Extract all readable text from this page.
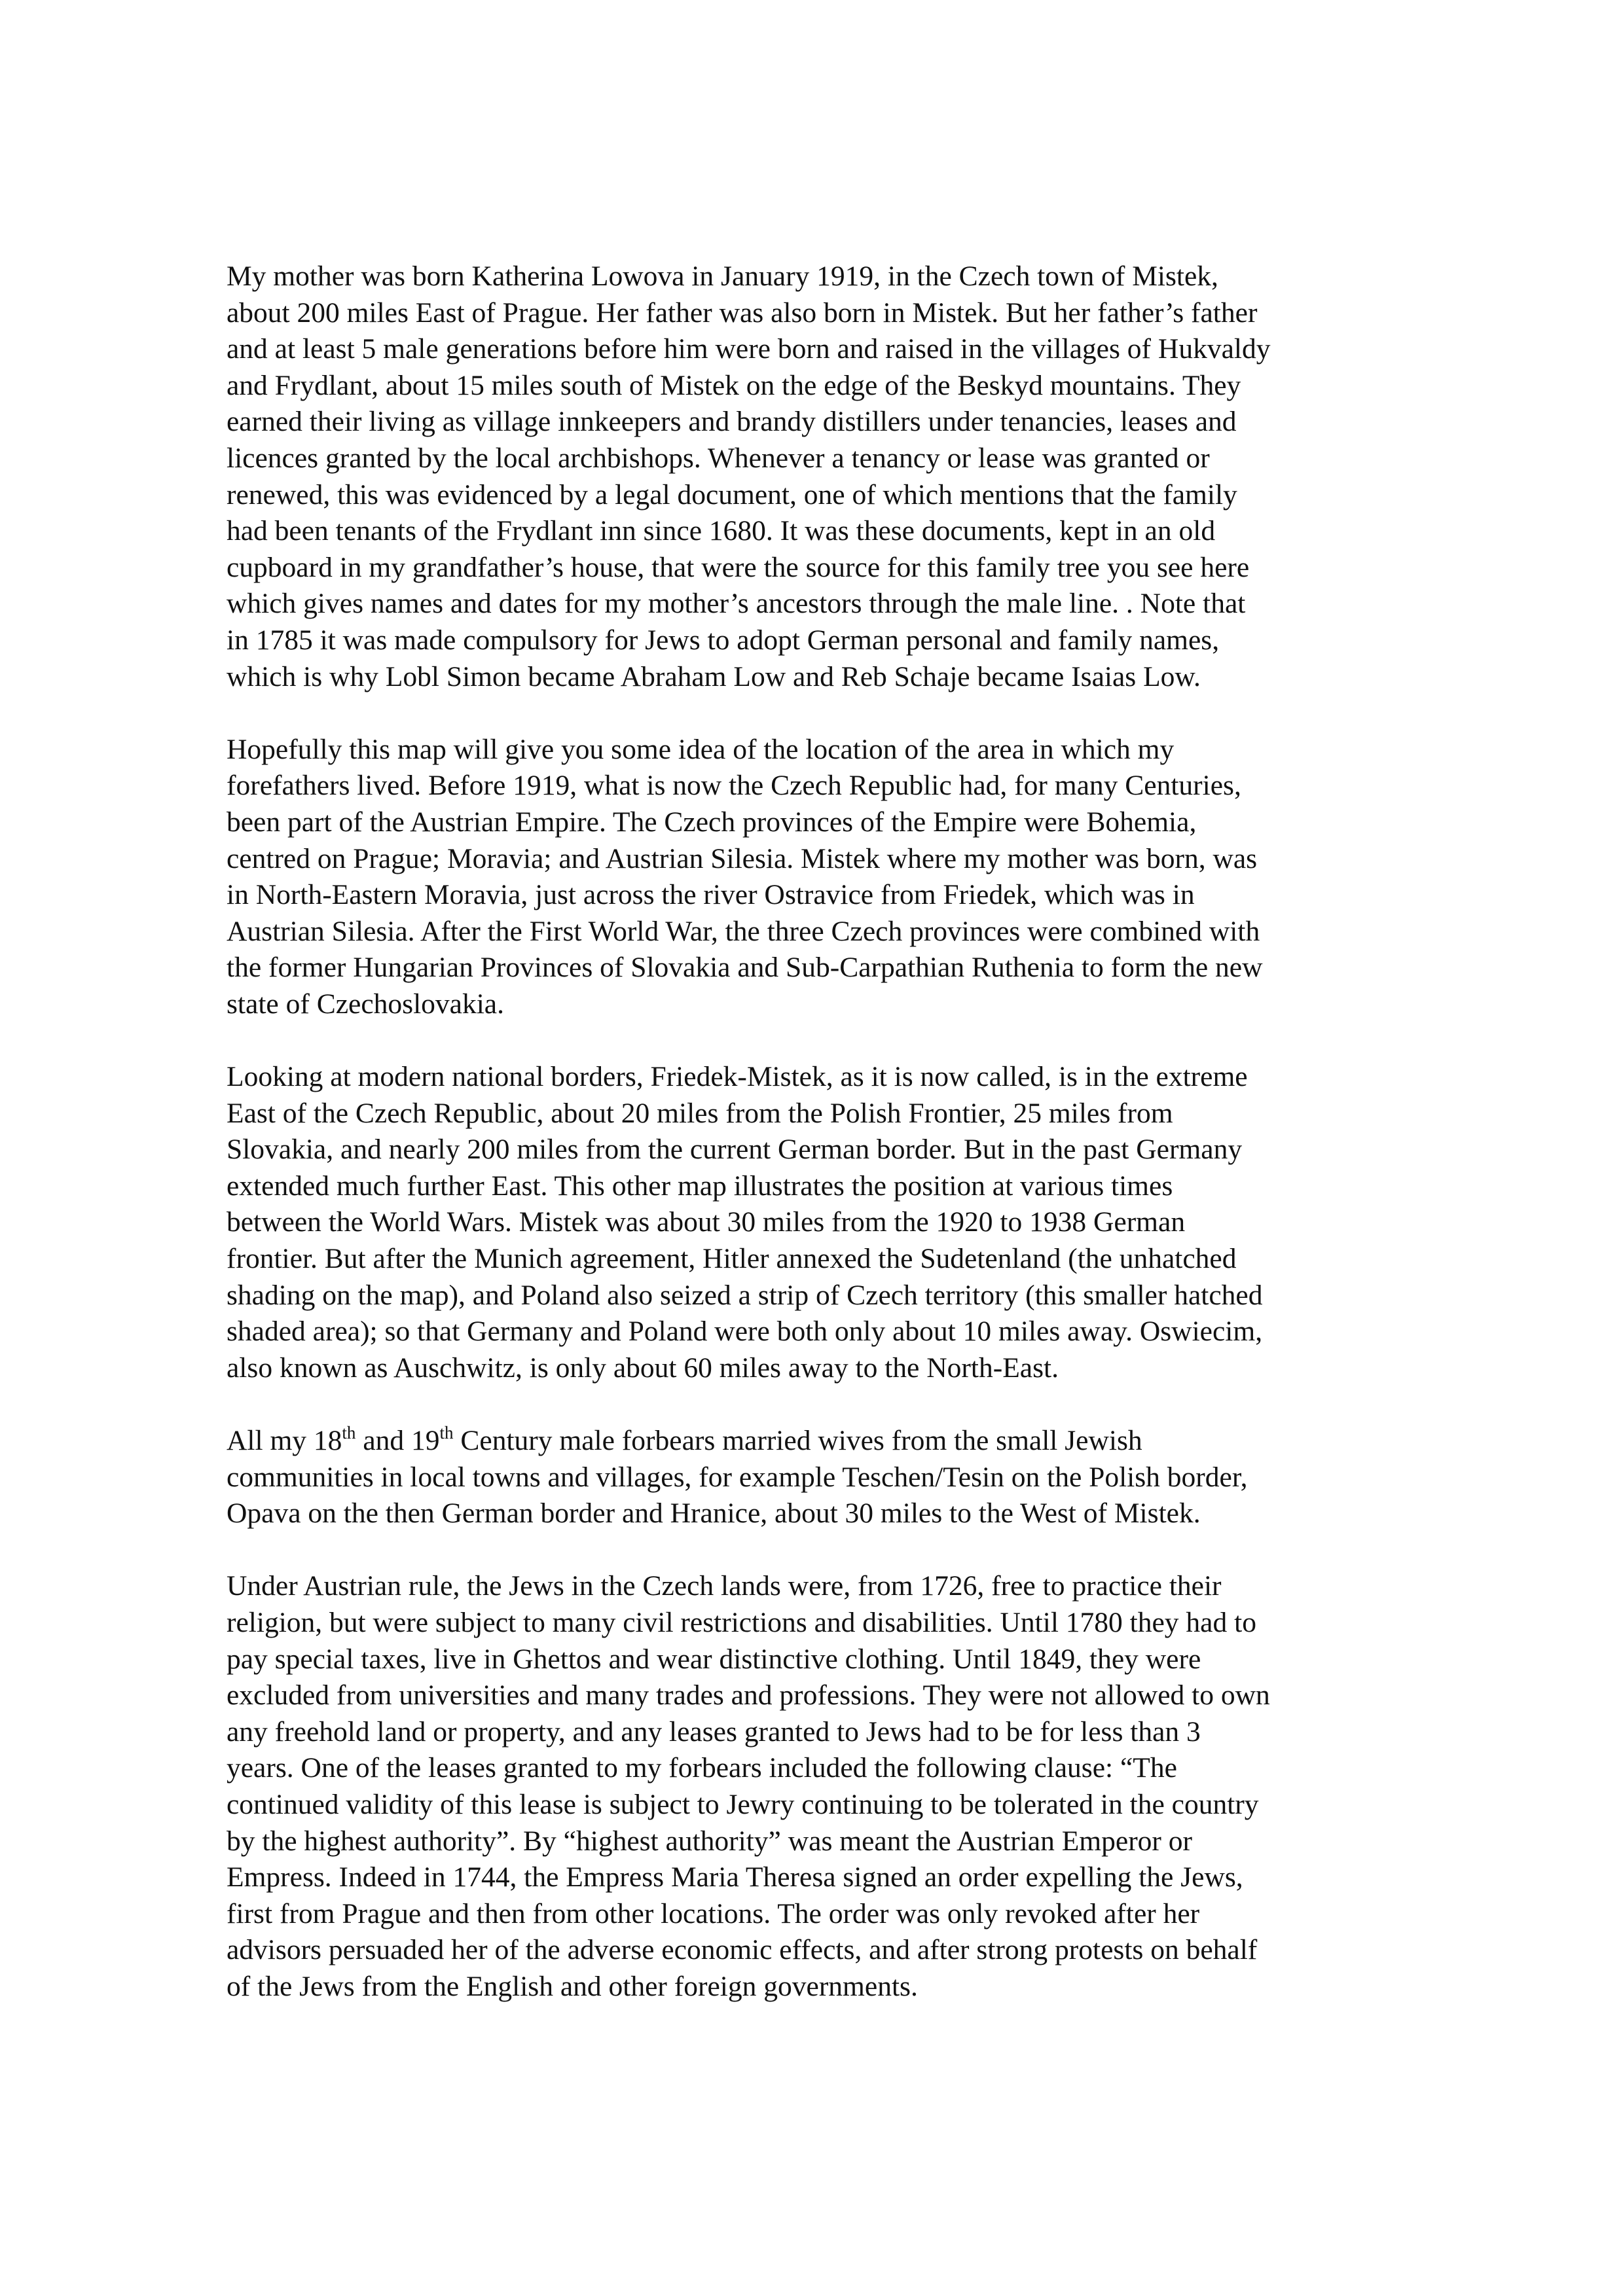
My mother was born Katherina Lowova in January 1919, in the Czech town of Mistek,
about 200 miles East of Prague. Her father was also born in Mistek. But her father’s father
and at least 5 male generations before him were born and raised in the villages of Hukvaldy
and Frydlant, about 15 miles south of Mistek on the edge of the Beskyd mountains. They
earned their living as village innkeepers and brandy distillers under tenancies, leases and
licences granted by the local archbishops. Whenever a tenancy or lease was granted or
renewed, this was evidenced by a legal document, one of which mentions that the family
had been tenants of the Frydlant inn since 1680. It was these documents, kept in an old
cupboard in my grandfather’s house, that were the source for this family tree you see here
which gives names and dates for my mother’s ancestors through the male line. . Note that
in 1785 it was made compulsory for Jews to adopt German personal and family names,
which is why Lobl Simon became Abraham Low and Reb Schaje became Isaias Low.

Hopefully this map will give you some idea of the location of the area in which my
forefathers lived. Before 1919, what is now the Czech Republic had, for many Centuries,
been part of the Austrian Empire. The Czech provinces of the Empire were Bohemia,
centred on Prague; Moravia; and Austrian Silesia. Mistek where my mother was born, was
in North-Eastern Moravia, just across the river Ostravice from Friedek, which was in
Austrian Silesia. After the First World War, the three Czech provinces were combined with
the former Hungarian Provinces of Slovakia and Sub-Carpathian Ruthenia to form the new
state of Czechoslovakia.

Looking at modern national borders, Friedek-Mistek, as it is now called, is in the extreme
East of the Czech Republic, about 20 miles from the Polish Frontier, 25 miles from
Slovakia, and nearly 200 miles from the current German border. But in the past Germany
extended much further East. This other map illustrates the position at various times
between the World Wars. Mistek was about 30 miles from the 1920 to 1938 German
frontier. But after the Munich agreement, Hitler annexed the Sudetenland (the unhatched
shading on the map), and Poland also seized a strip of Czech territory (this smaller hatched
shaded area); so that Germany and Poland were both only about 10 miles away. Oswiecim,
also known as Auschwitz, is only about 60 miles away to the North-East.

All my 18th and 19th Century male forbears married wives from the small Jewish
communities in local towns and villages, for example Teschen/Tesin on the Polish border,
Opava on the then German border and Hranice, about 30 miles to the West of Mistek.

Under Austrian rule, the Jews in the Czech lands were, from 1726, free to practice their
religion, but were subject to many civil restrictions and disabilities. Until 1780 they had to
pay special taxes, live in Ghettos and wear distinctive clothing. Until 1849, they were
excluded from universities and many trades and professions. They were not allowed to own
any freehold land or property, and any leases granted to Jews had to be for less than 3
years. One of the leases granted to my forbears included the following clause: “The
continued validity of this lease is subject to Jewry continuing to be tolerated in the country
by the highest authority”. By “highest authority” was meant the Austrian Emperor or
Empress. Indeed in 1744, the Empress Maria Theresa signed an order expelling the Jews,
first from Prague and then from other locations. The order was only revoked after her
advisors persuaded her of the adverse economic effects, and after strong protests on behalf
of the Jews from the English and other foreign governments.
